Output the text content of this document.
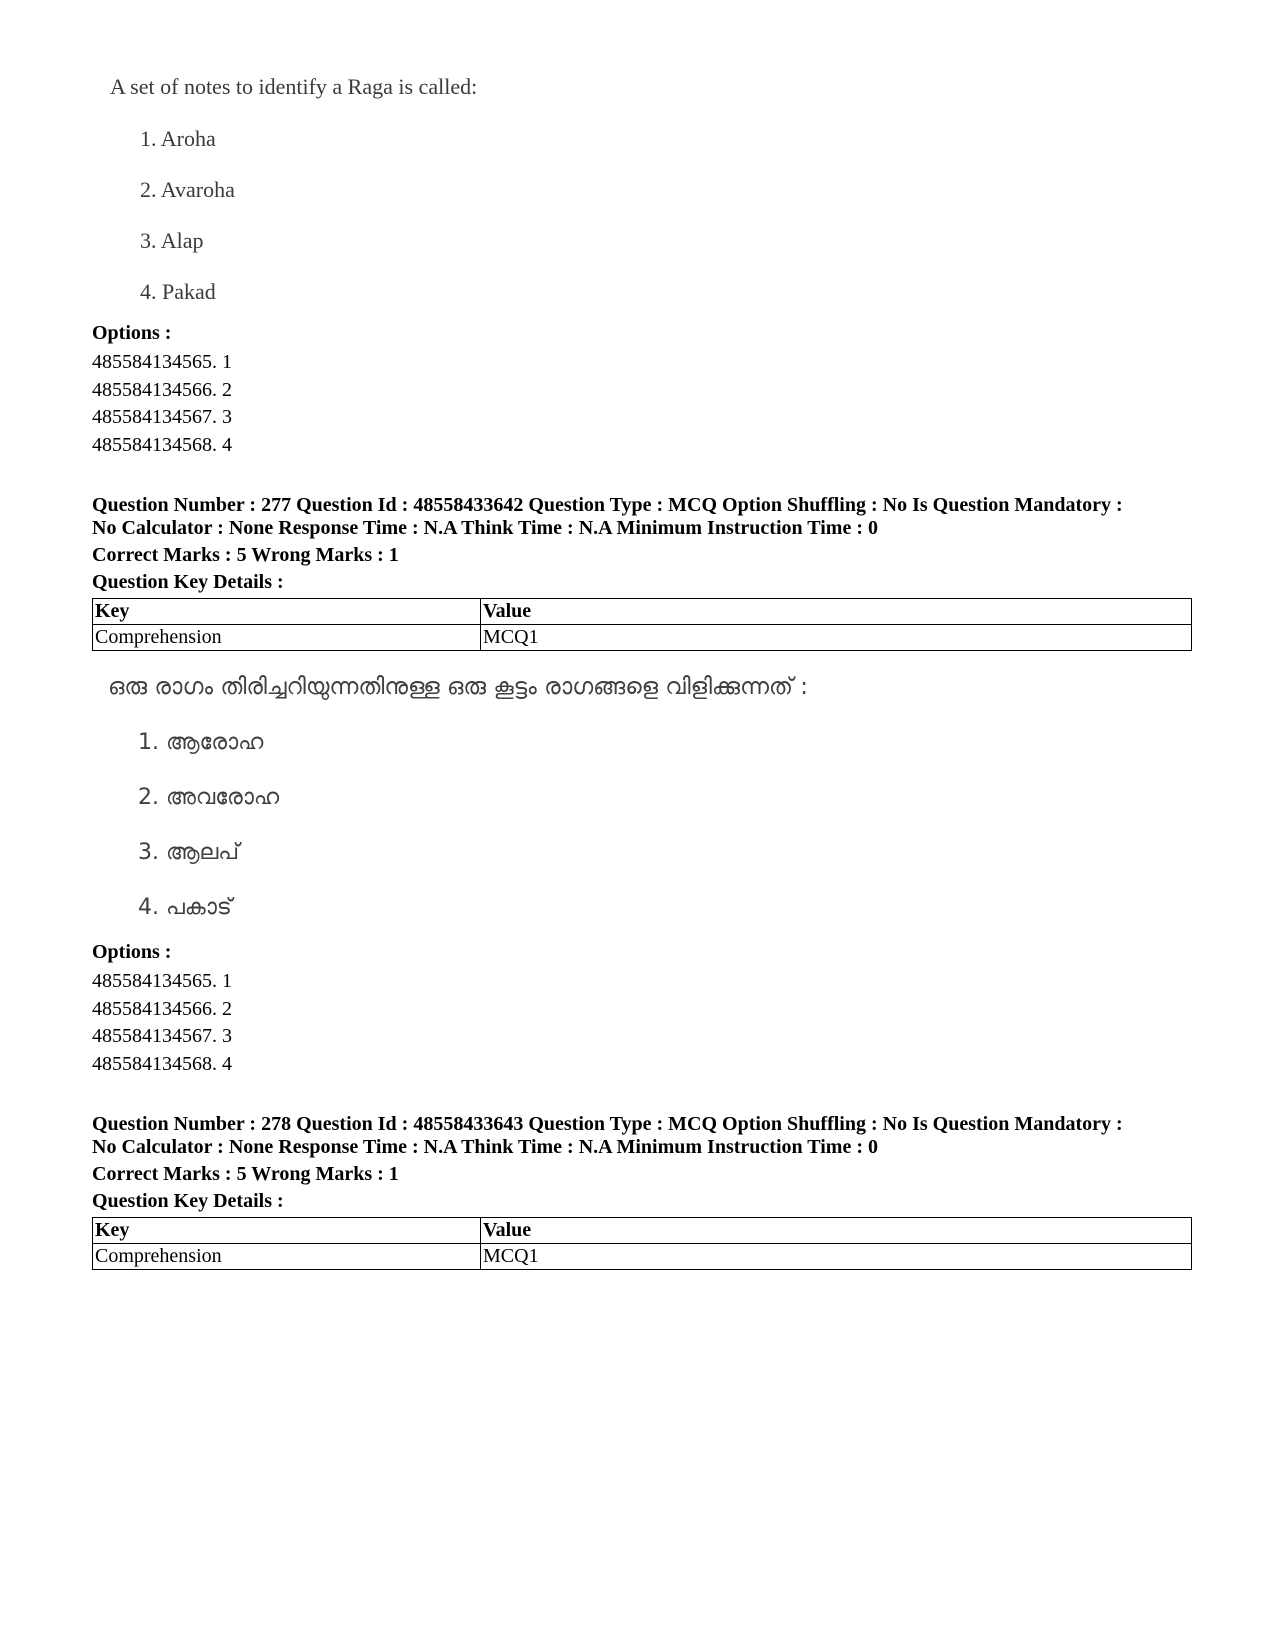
A set of notes to identify a Raga is called:
1. Aroha
2. Avaroha
3. Alap
4. Pakad
Options :
485584134565. 1
485584134566. 2
485584134567. 3
485584134568. 4
Question Number : 277 Question Id : 48558433642 Question Type : MCQ Option Shuffling : No Is Question Mandatory :
No Calculator : None Response Time : N.A Think Time : N.A Minimum Instruction Time : 0
Correct Marks : 5 Wrong Marks : 1
Question Key Details :
Key	Value
Comprehension	MCQ1
ഒരു രാഗം തിരിച്ചറിയുന്നതിനുള്ള ഒരു കൂട്ടം രാഗങ്ങളെ വിളിക്കുന്നത് :
1. ആരോഹ
2. അവരോഹ
3. ആലപ്
4. പകാട്
Options :
485584134565. 1
485584134566. 2
485584134567. 3
485584134568. 4
Question Number : 278 Question Id : 48558433643 Question Type : MCQ Option Shuffling : No Is Question Mandatory :
No Calculator : None Response Time : N.A Think Time : N.A Minimum Instruction Time : 0
Correct Marks : 5 Wrong Marks : 1
Question Key Details :
Key	Value
Comprehension	MCQ1
